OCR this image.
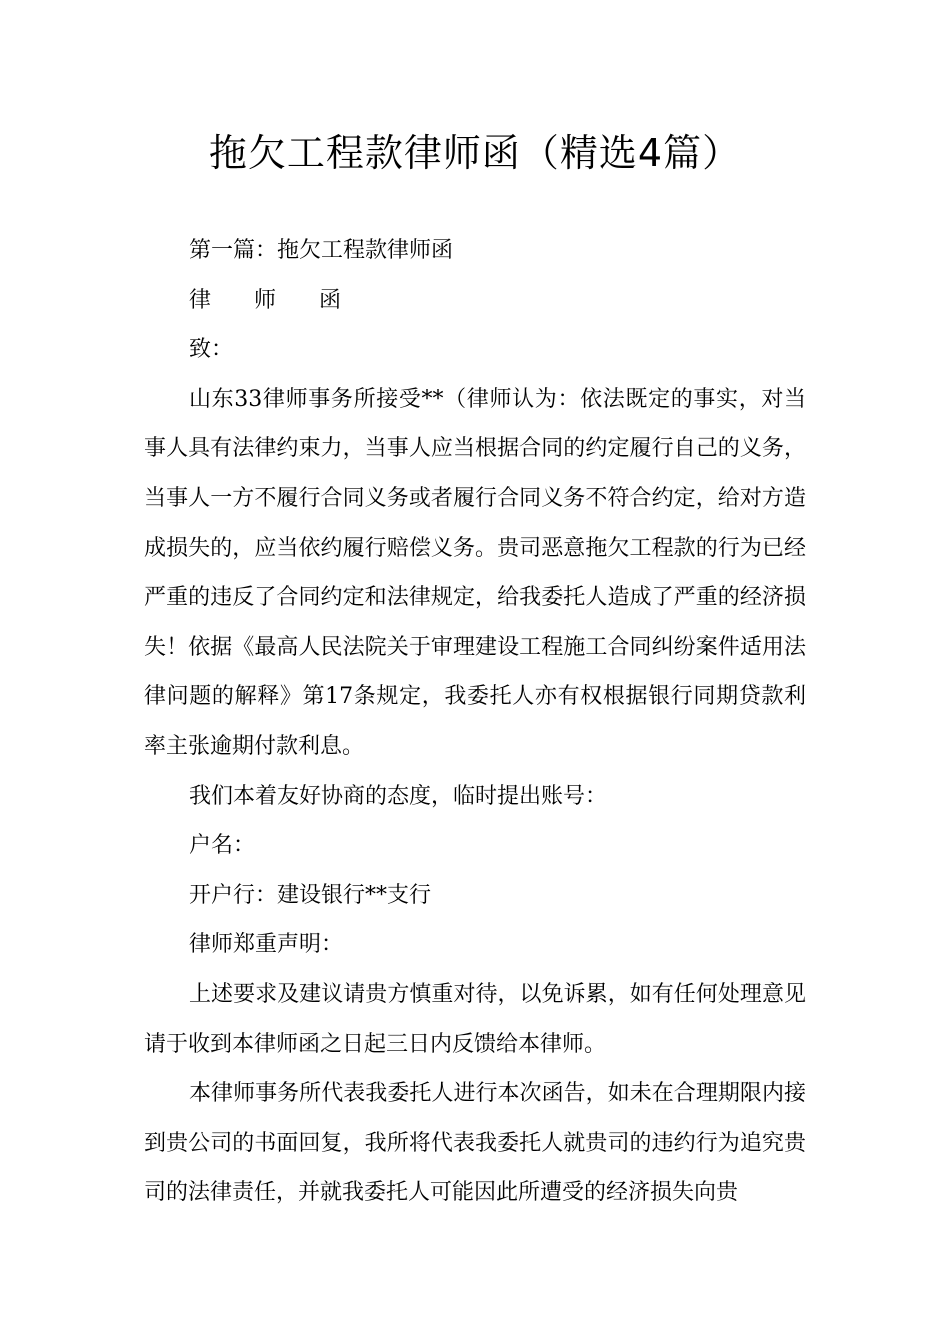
拖欠工程款律师函（精选4篇）

第一篇：拖欠工程款律师函

律 师 函

致：

山东33律师事务所接受**（律师认为：依法既定的事实，对当事人具有法律约束力，当事人应当根据合同的约定履行自己的义务，当事人一方不履行合同义务或者履行合同义务不符合约定，给对方造成损失的，应当依约履行赔偿义务。贵司恶意拖欠工程款的行为已经严重的违反了合同约定和法律规定，给我委托人造成了严重的经济损失！依据《最高人民法院关于审理建设工程施工合同纠纷案件适用法律问题的解释》第17条规定，我委托人亦有权根据银行同期贷款利率主张逾期付款利息。

我们本着友好协商的态度，临时提出账号：

户名：

开户行：建设银行**支行

律师郑重声明：

上述要求及建议请贵方慎重对待，以免诉累，如有任何处理意见请于收到本律师函之日起三日内反馈给本律师。

本律师事务所代表我委托人进行本次函告，如未在合理期限内接到贵公司的书面回复，我所将代表我委托人就贵司的违约行为追究贵司的法律责任，并就我委托人可能因此所遭受的经济损失向贵
